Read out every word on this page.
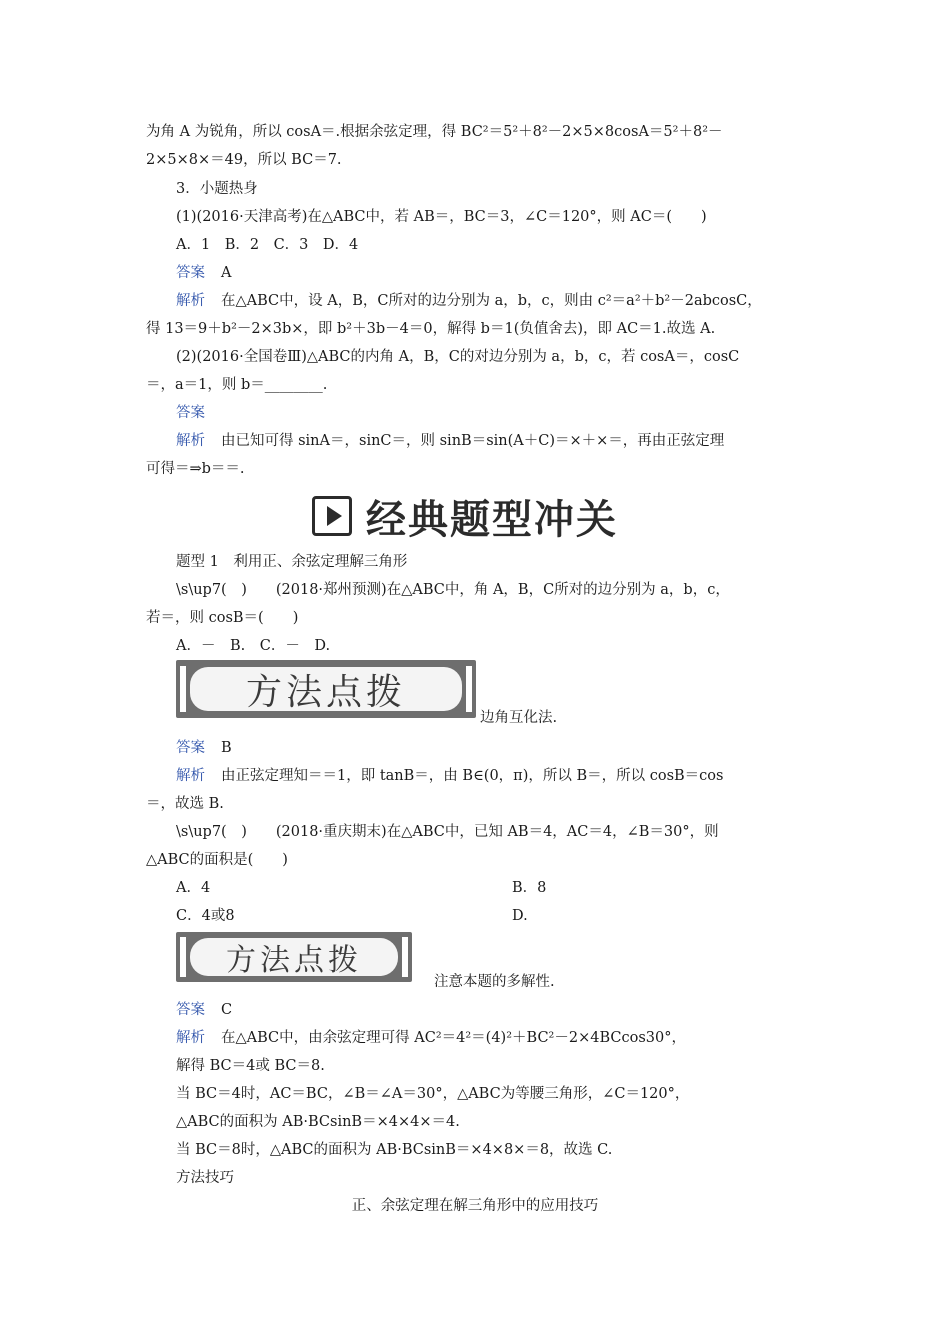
为角 A 为锐角，所以 cosA＝.根据余弦定理，得 BC²＝5²＋8²－2×5×8cosA＝5²＋8²－
2×5×8×＝49，所以 BC＝7.
3．小题热身
(1)(2016·天津高考)在△ABC中，若 AB＝，BC＝3，∠C＝120°，则 AC＝(　　)
A．1　B．2　C．3　D．4
答案 A
解析 在△ABC中，设 A，B，C所对的边分别为 a，b，c，则由 c²＝a²＋b²－2abcosC，
得 13＝9＋b²－2×3b×，即 b²＋3b－4＝0，解得 b＝1(负值舍去)，即 AC＝1.故选 A.
(2)(2016·全国卷Ⅲ)△ABC的内角 A，B，C的对边分别为 a，b，c，若 cosA＝，cosC
＝，a＝1，则 b＝________.
答案
解析 由已知可得 sinA＝，sinC＝，则 sinB＝sin(A＋C)＝×＋×＝，再由正弦定理
可得＝⇒b＝＝.
经典题型冲关
题型 1　利用正、余弦定理解三角形
\s\up7(　)　　(2018·郑州预测)在△ABC中，角 A，B，C所对的边分别为 a，b，c，
若＝，则 cosB＝(　　)
A．－　B.　C．－　D.
方法点拨
边角互化法.
答案 B
解析 由正弦定理知＝＝1，即 tanB＝，由 B∈(0，π)，所以 B＝，所以 cosB＝cos
＝，故选 B.
\s\up7(　)　　(2018·重庆期末)在△ABC中，已知 AB＝4，AC＝4，∠B＝30°，则
△ABC的面积是(　　)
A．4	B．8
C．4或8	D.
方法点拨
注意本题的多解性.
答案 C
解析 在△ABC中，由余弦定理可得 AC²＝4²＝(4)²＋BC²－2×4BCcos30°，
解得 BC＝4或 BC＝8.
当 BC＝4时，AC＝BC，∠B＝∠A＝30°，△ABC为等腰三角形，∠C＝120°，
△ABC的面积为 AB·BCsinB＝×4×4×＝4.
当 BC＝8时，△ABC的面积为 AB·BCsinB＝×4×8×＝8，故选 C.
方法技巧
正、余弦定理在解三角形中的应用技巧
